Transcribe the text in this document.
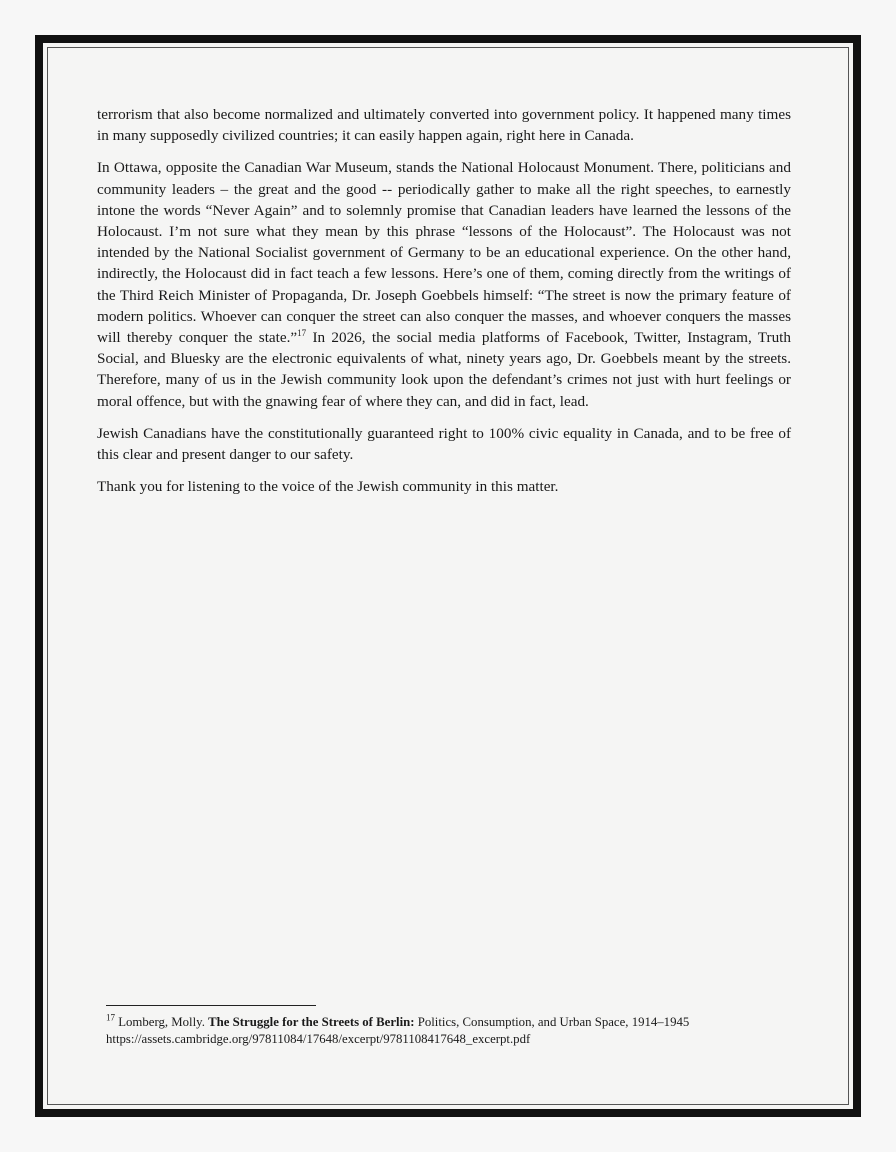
terrorism that also become normalized and ultimately converted into government policy. It happened many times in many supposedly civilized countries; it can easily happen again, right here in Canada.

In Ottawa, opposite the Canadian War Museum, stands the National Holocaust Monument. There, politicians and community leaders – the great and the good -- periodically gather to make all the right speeches, to earnestly intone the words “Never Again” and to solemnly promise that Canadian leaders have learned the lessons of the Holocaust. I’m not sure what they mean by this phrase “lessons of the Holocaust”. The Holocaust was not intended by the National Socialist government of Germany to be an educational experience. On the other hand, indirectly, the Holocaust did in fact teach a few lessons. Here’s one of them, coming directly from the writings of the Third Reich Minister of Propaganda, Dr. Joseph Goebbels himself: “The street is now the primary feature of modern politics. Whoever can conquer the street can also conquer the masses, and whoever conquers the masses will thereby conquer the state.”$^{17}$ In 2026, the social media platforms of Facebook, Twitter, Instagram, Truth Social, and Bluesky are the electronic equivalents of what, ninety years ago, Dr. Goebbels meant by the streets. Therefore, many of us in the Jewish community look upon the defendant’s crimes not just with hurt feelings or moral offence, but with the gnawing fear of where they can, and did in fact, lead.

Jewish Canadians have the constitutionally guaranteed right to 100% civic equality in Canada, and to be free of this clear and present danger to our safety.

Thank you for listening to the voice of the Jewish community in this matter.

$^{17}$ Lomberg, Molly. The Struggle for the Streets of Berlin: Politics, Consumption, and Urban Space, 1914–1945
https://assets.cambridge.org/97811084/17648/excerpt/9781108417648_excerpt.pdf
